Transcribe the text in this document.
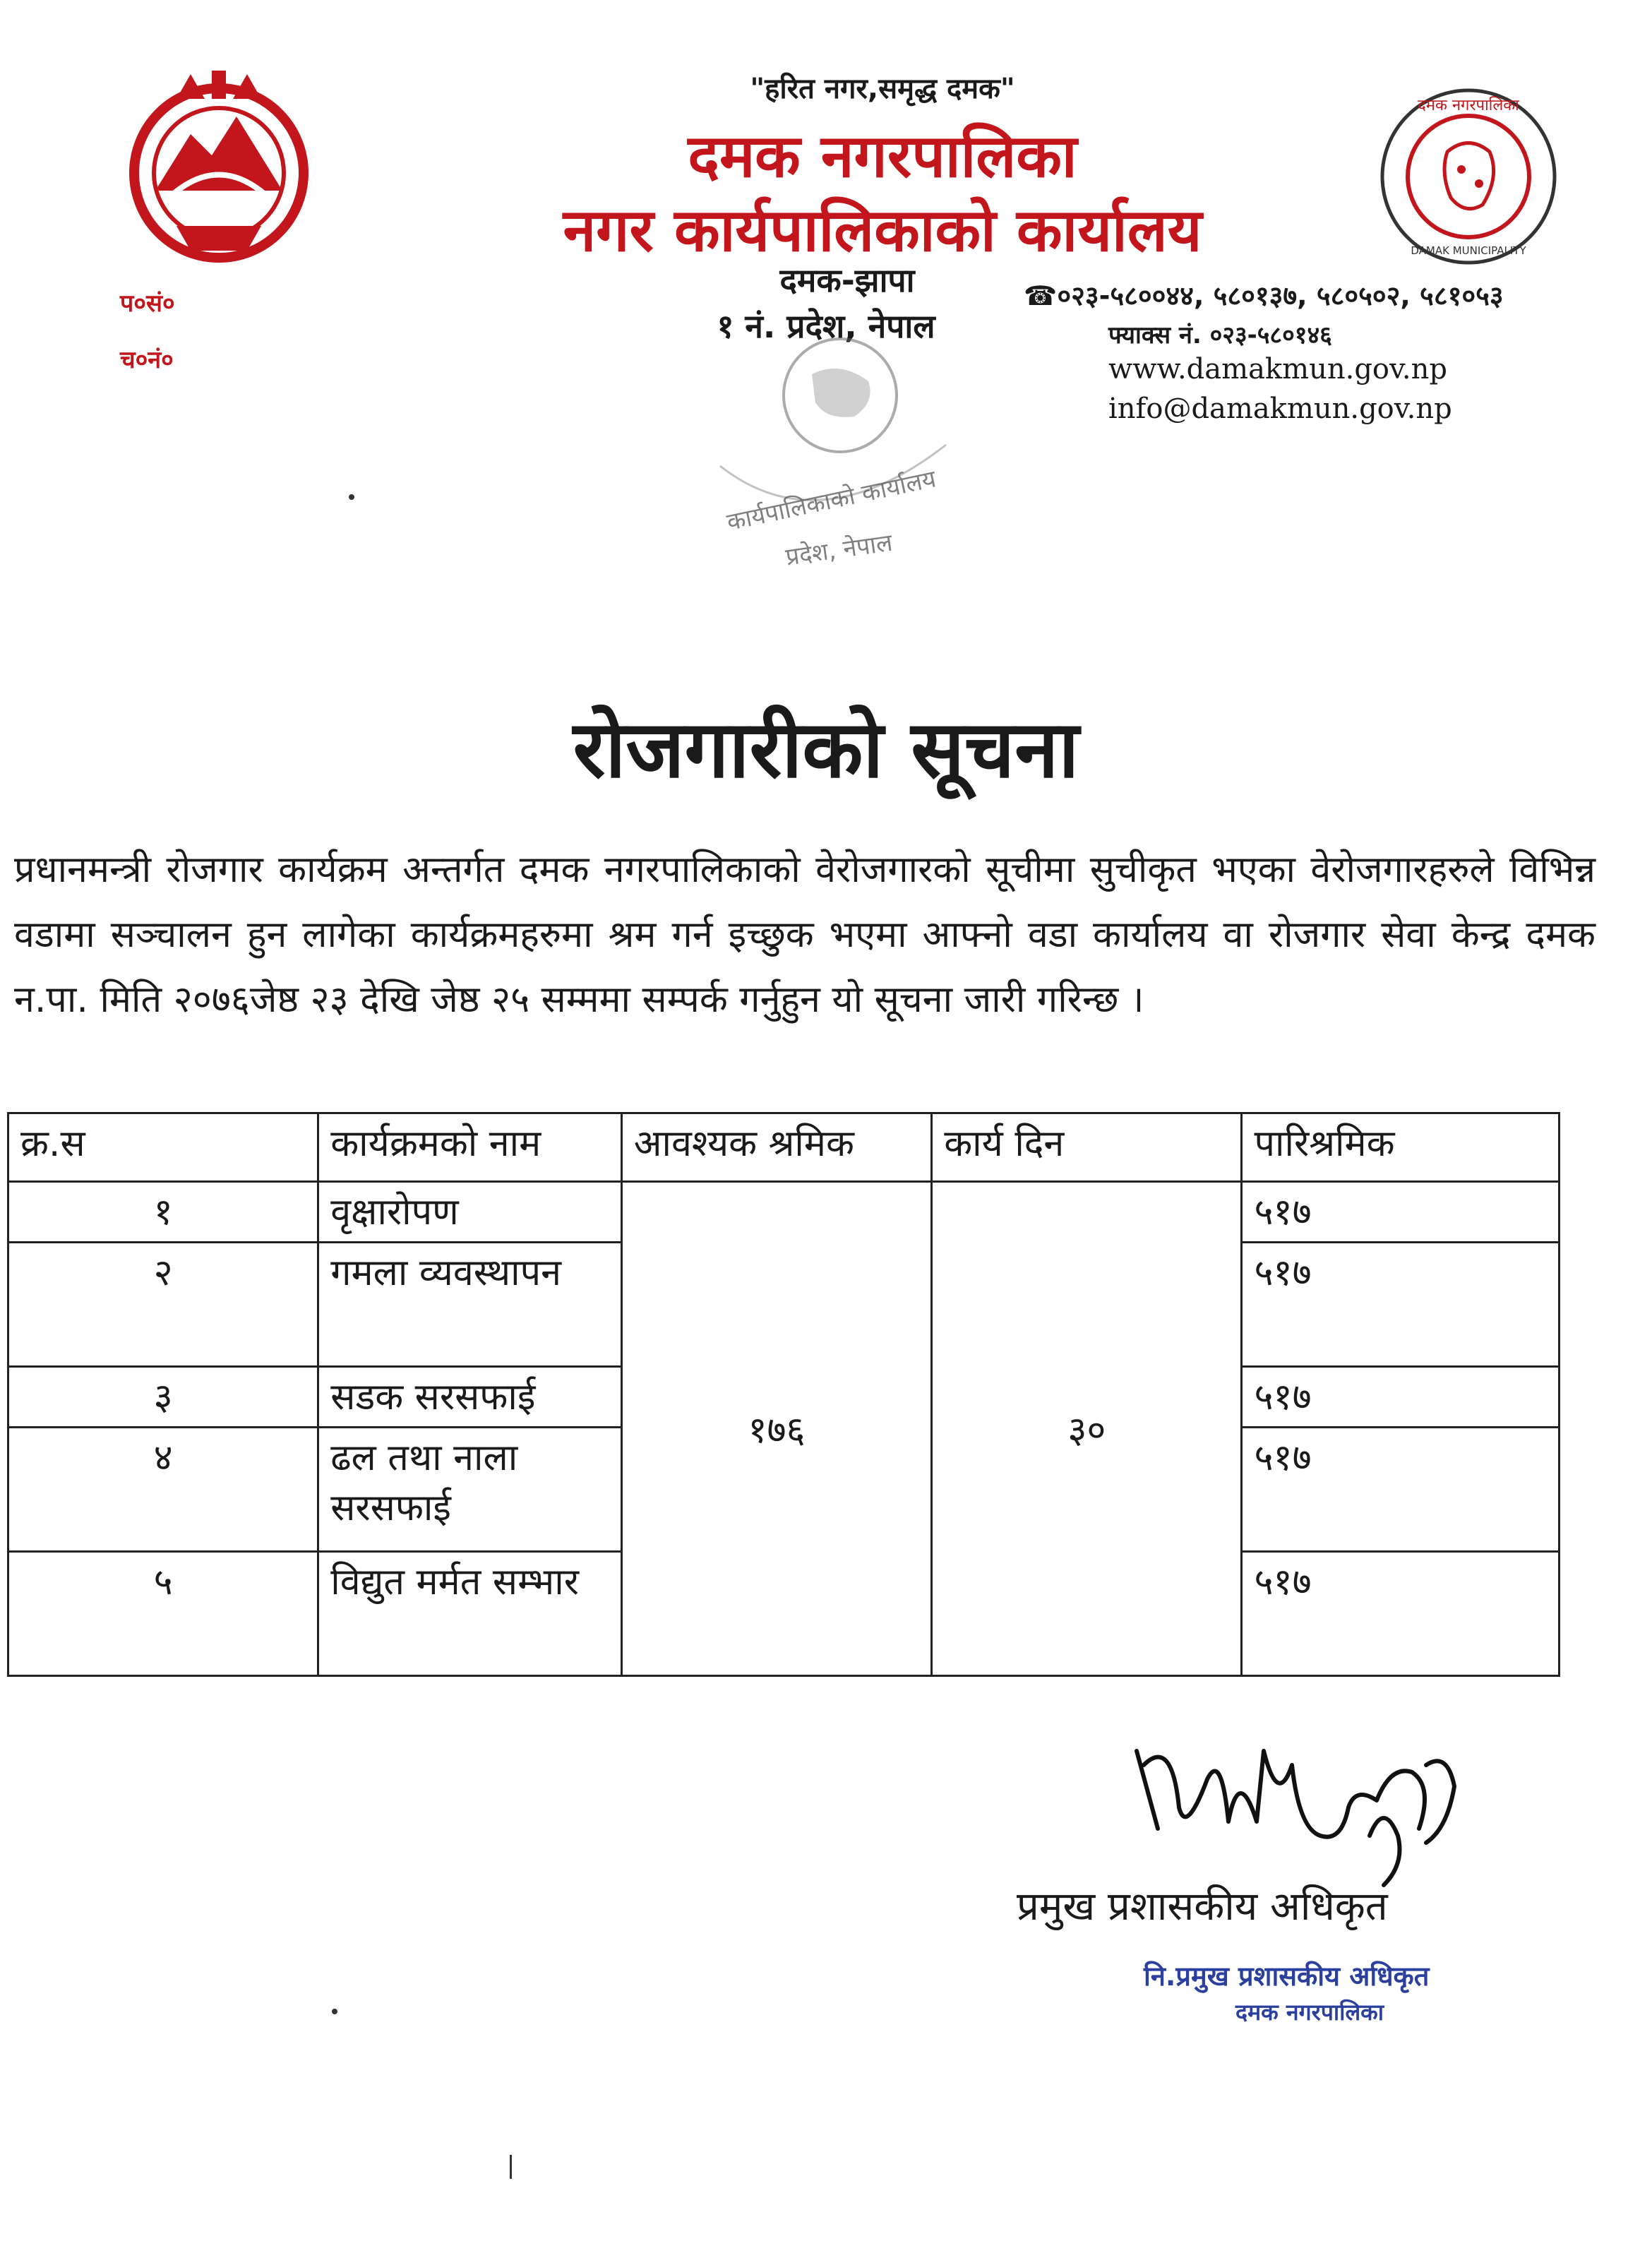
दमक नगरपालिका
DAMAK MUNICIPALITY
"हरित नगर,समृद्ध दमक"
दमक नगरपालिका
नगर कार्यपालिकाको कार्यालय
दमक-झापा
१ नं. प्रदेश, नेपाल
प०सं०
च०नं०
☎०२३-५८००४४, ५८०१३७, ५८०५०२, ५८१०५३
फ्याक्स नं. ०२३-५८०१४६
www.damakmun.gov.np
info@damakmun.gov.np
कार्यपालिकाको कार्यालय
प्रदेश, नेपाल
रोजगारीको सूचना
प्रधानमन्त्री रोजगार कार्यक्रम अन्तर्गत दमक नगरपालिकाको वेरोजगारको सूचीमा सुचीकृत भएका वेरोजगारहरुले विभिन्न वडामा सञ्चालन हुन लागेका कार्यक्रमहरुमा श्रम गर्न इच्छुक भएमा आफ्नो वडा कार्यालय वा रोजगार सेवा केन्द्र दमक न.पा. मिति २०७६जेष्ठ २३ देखि जेष्ठ २५ सम्ममा सम्पर्क गर्नुहुन यो सूचना जारी गरिन्छ ।
क्र.स	कार्यक्रमको नाम	आवश्यक श्रमिक	कार्य दिन	पारिश्रमिक
१	वृक्षारोपण	१७६	३०	५१७
२	गमला व्यवस्थापन			५१७
३	सडक सरसफाई			५१७
४	ढल तथा नाला सरसफाई			५१७
५	विद्युत मर्मत सम्भार			५१७
प्रमुख प्रशासकीय अधिकृत
नि.प्रमुख प्रशासकीय अधिकृत
दमक नगरपालिका
